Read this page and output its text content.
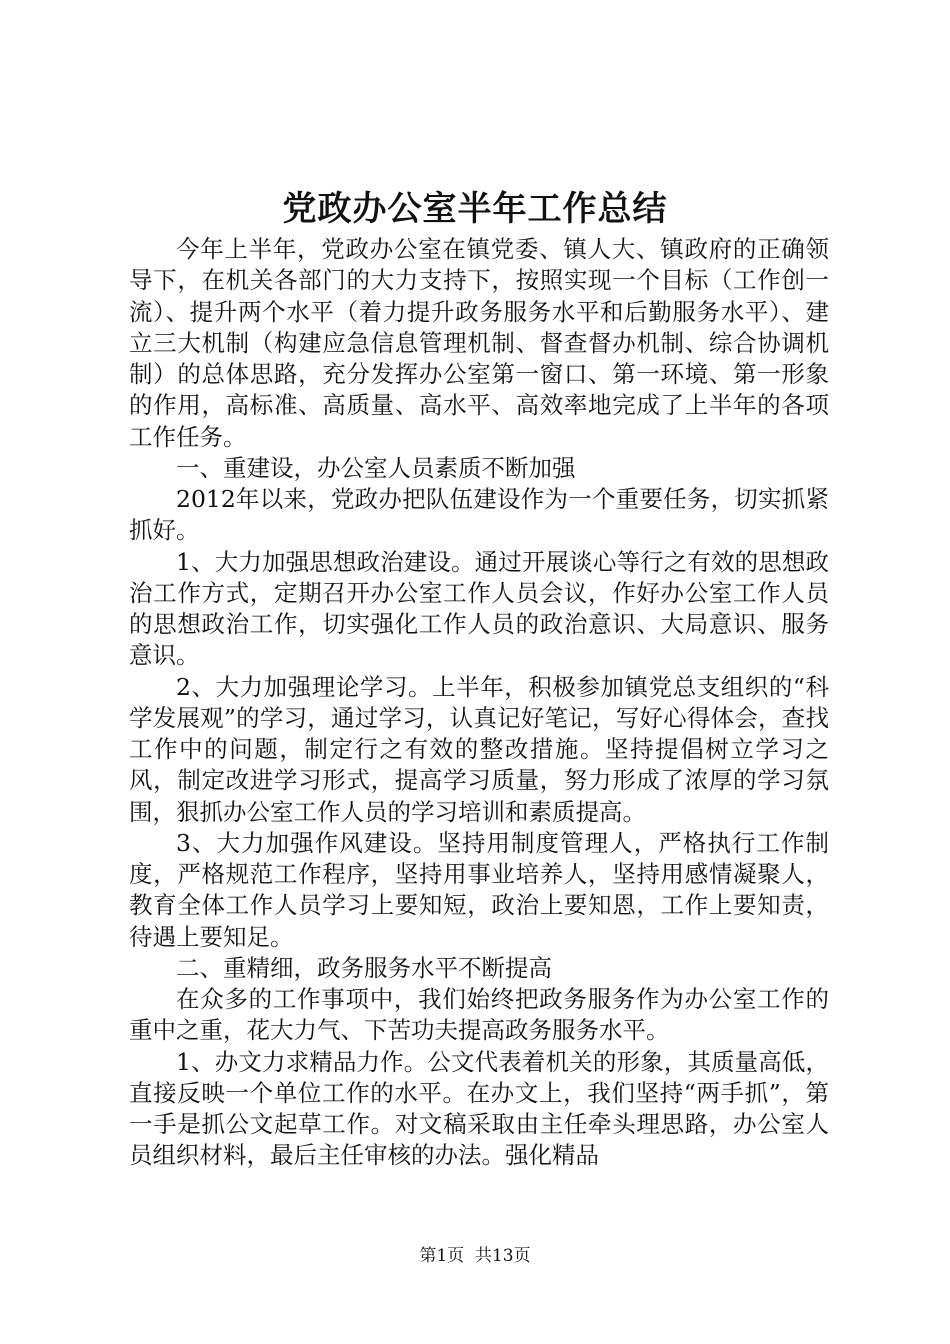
党政办公室半年工作总结

今年上半年，党政办公室在镇党委、镇人大、镇政府的正确领导下，在机关各部门的大力支持下，按照实现一个目标（工作创一流）、提升两个水平（着力提升政务服务水平和后勤服务水平）、建立三大机制（构建应急信息管理机制、督查督办机制、综合协调机制）的总体思路，充分发挥办公室第一窗口、第一环境、第一形象的作用，高标准、高质量、高水平、高效率地完成了上半年的各项工作任务。

一、重建设，办公室人员素质不断加强

2012年以来，党政办把队伍建设作为一个重要任务，切实抓紧抓好。

1、大力加强思想政治建设。通过开展谈心等行之有效的思想政治工作方式，定期召开办公室工作人员会议，作好办公室工作人员的思想政治工作，切实强化工作人员的政治意识、大局意识、服务意识。

2、大力加强理论学习。上半年，积极参加镇党总支组织的“科学发展观”的学习，通过学习，认真记好笔记，写好心得体会，查找工作中的问题，制定行之有效的整改措施。坚持提倡树立学习之风，制定改进学习形式，提高学习质量，努力形成了浓厚的学习氛围，狠抓办公室工作人员的学习培训和素质提高。

3、大力加强作风建设。坚持用制度管理人，严格执行工作制度，严格规范工作程序，坚持用事业培养人，坚持用感情凝聚人，教育全体工作人员学习上要知短，政治上要知恩，工作上要知责，待遇上要知足。

二、重精细，政务服务水平不断提高

在众多的工作事项中，我们始终把政务服务作为办公室工作的重中之重，花大力气、下苦功夫提高政务服务水平。

1、办文力求精品力作。公文代表着机关的形象，其质量高低，直接反映一个单位工作的水平。在办文上，我们坚持“两手抓”，第一手是抓公文起草工作。对文稿采取由主任牵头理思路，办公室人员组织材料，最后主任审核的办法。强化精品

第1页  共13页
